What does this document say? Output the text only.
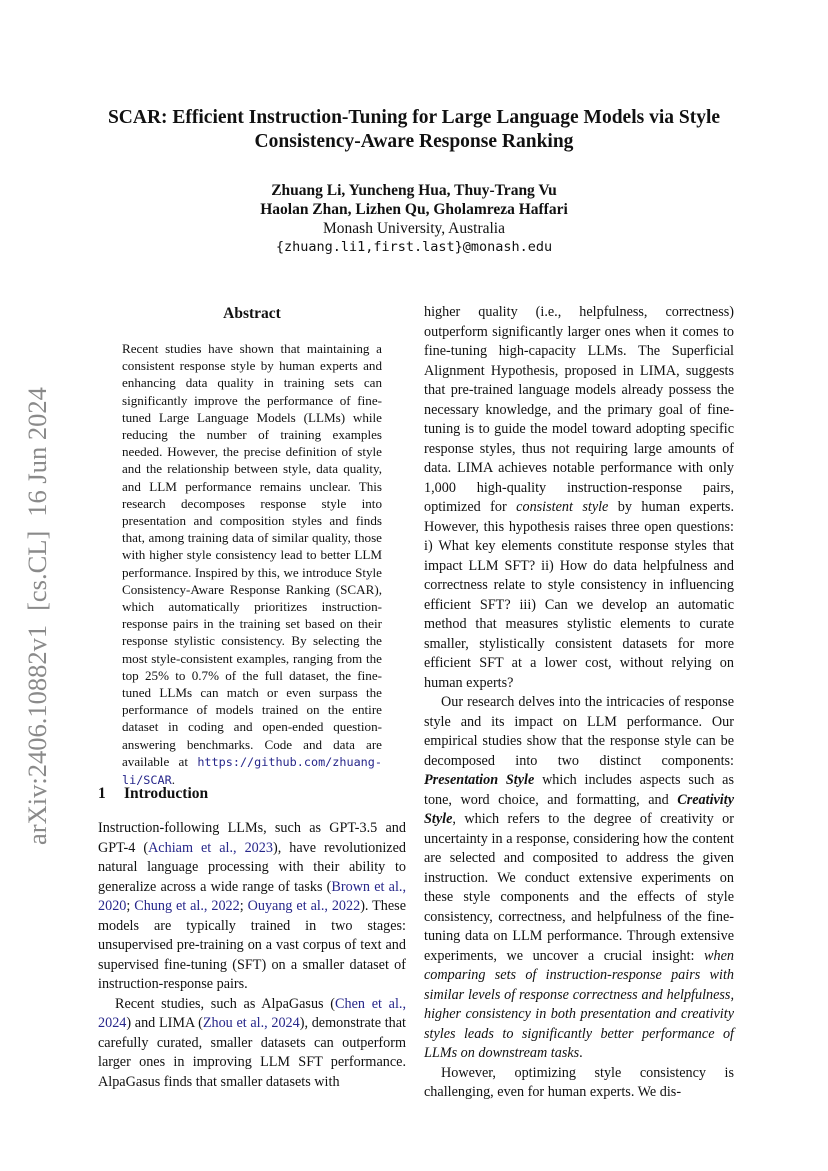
arXiv:2406.10882v1[cs.CL]16 Jun 2024
SCAR: Efficient Instruction-Tuning for Large Language Models via Style
Consistency-Aware Response Ranking
Zhuang Li, Yuncheng Hua, Thuy-Trang Vu
Haolan Zhan, Lizhen Qu, Gholamreza Haffari
Monash University, Australia
{zhuang.li1,first.last}@monash.edu
Abstract
Recent studies have shown that maintaining a consistent response style by human experts and enhancing data quality in training sets can significantly improve the performance of fine-tuned Large Language Models (LLMs) while reducing the number of training examples needed. However, the precise definition of style and the relationship between style, data quality, and LLM performance remains unclear. This research decomposes response style into presentation and composition styles and finds that, among training data of similar quality, those with higher style consistency lead to better LLM performance. Inspired by this, we introduce Style Consistency-Aware Response Ranking (SCAR), which automatically prioritizes instruction-response pairs in the training set based on their response stylistic consistency. By selecting the most style-consistent examples, ranging from the top 25% to 0.7% of the full dataset, the fine-tuned LLMs can match or even surpass the performance of models trained on the entire dataset in coding and open-ended question-answering benchmarks. Code and data are available at https://github.com/zhuang-li/SCAR.
1 Introduction

Instruction-following LLMs, such as GPT-3.5 and GPT-4 (Achiam et al., 2023), have revolutionized natural language processing with their ability to generalize across a wide range of tasks (Brown et al., 2020; Chung et al., 2022; Ouyang et al., 2022). These models are typically trained in two stages: unsupervised pre-training on a vast corpus of text and supervised fine-tuning (SFT) on a smaller dataset of instruction-response pairs.

Recent studies, such as AlpaGasus (Chen et al., 2024) and LIMA (Zhou et al., 2024), demonstrate that carefully curated, smaller datasets can outperform larger ones in improving LLM SFT performance. AlpaGasus finds that smaller datasets with

higher quality (i.e., helpfulness, correctness) outperform significantly larger ones when it comes to fine-tuning high-capacity LLMs. The Superficial Alignment Hypothesis, proposed in LIMA, suggests that pre-trained language models already possess the necessary knowledge, and the primary goal of fine-tuning is to guide the model toward adopting specific response styles, thus not requiring large amounts of data. LIMA achieves notable performance with only 1,000 high-quality instruction-response pairs, optimized for consistent style by human experts. However, this hypothesis raises three open questions: i) What key elements constitute response styles that impact LLM SFT? ii) How do data helpfulness and correctness relate to style consistency in influencing efficient SFT? iii) Can we develop an automatic method that measures stylistic elements to curate smaller, stylistically consistent datasets for more efficient SFT at a lower cost, without relying on human experts?

Our research delves into the intricacies of response style and its impact on LLM performance. Our empirical studies show that the response style can be decomposed into two distinct components: Presentation Style which includes aspects such as tone, word choice, and formatting, and Creativity Style, which refers to the degree of creativity or uncertainty in a response, considering how the content are selected and composited to address the given instruction. We conduct extensive experiments on these style components and the effects of style consistency, correctness, and helpfulness of the fine-tuning data on LLM performance. Through extensive experiments, we uncover a crucial insight: when comparing sets of instruction-response pairs with similar levels of response correctness and helpfulness, higher consistency in both presentation and creativity styles leads to significantly better performance of LLMs on downstream tasks.

However, optimizing style consistency is challenging, even for human experts. We dis-
